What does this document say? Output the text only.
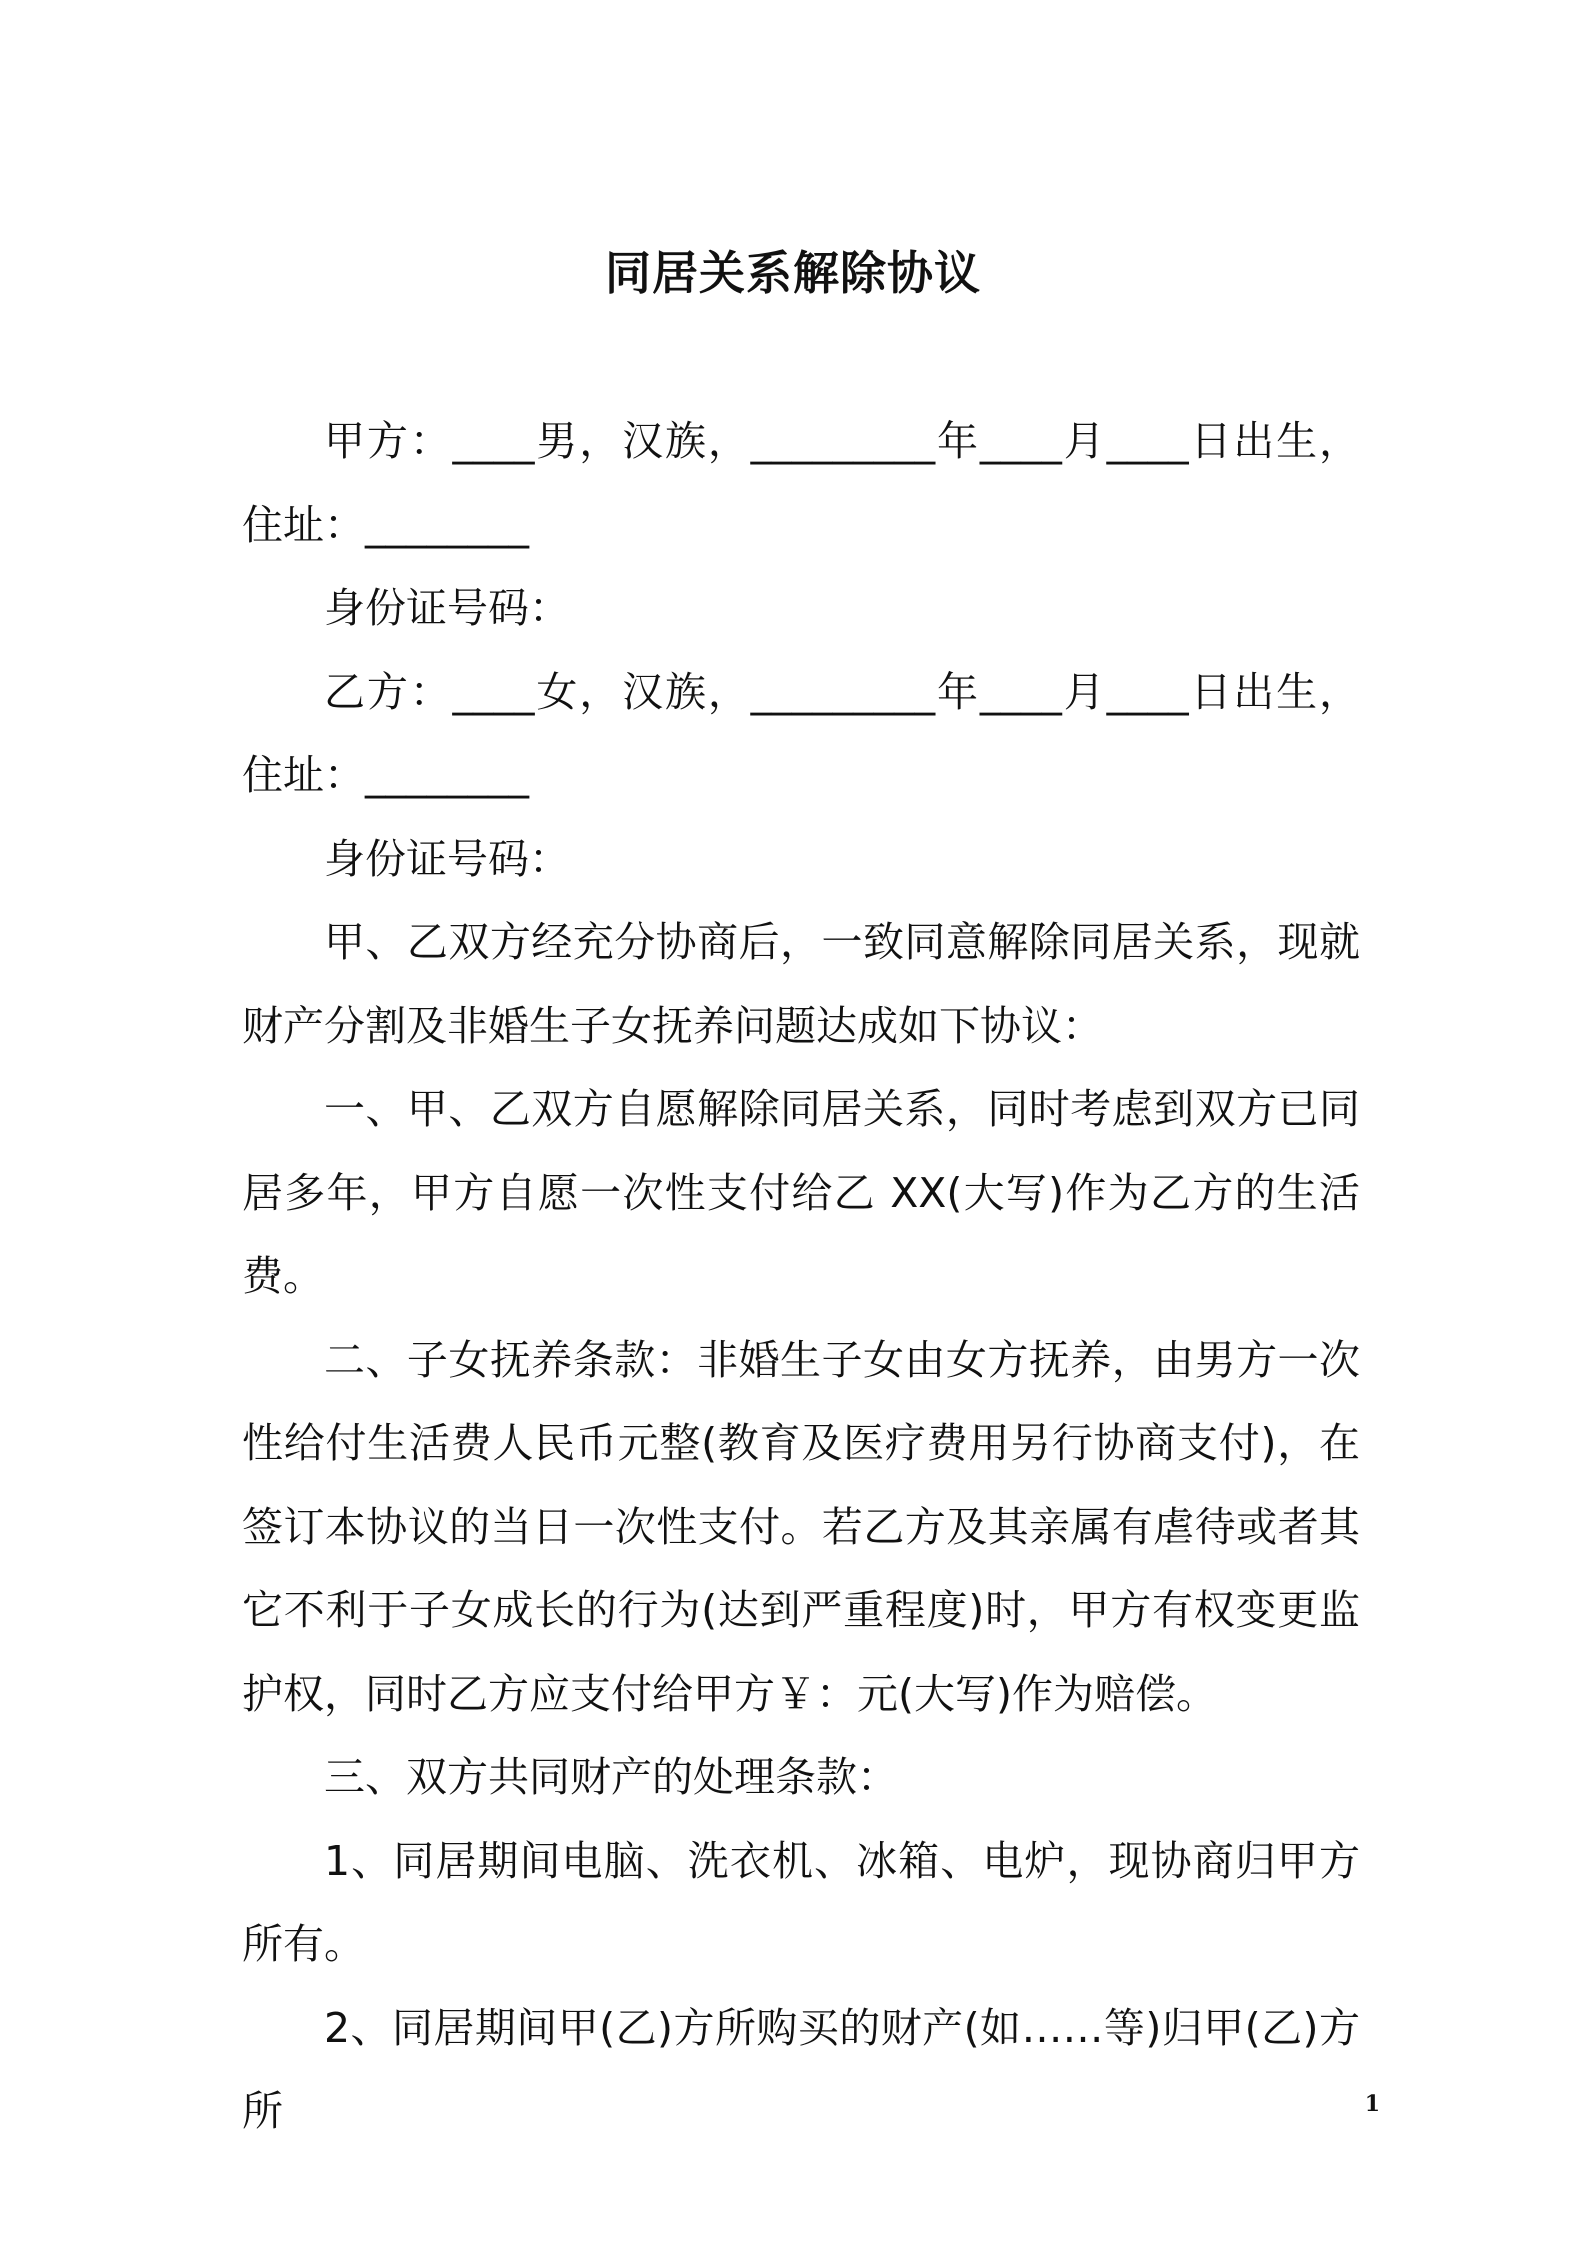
同居关系解除协议

甲方：____男，汉族，_________年____月____日出生，住址：________

身份证号码：

乙方：____女，汉族，_________年____月____日出生，住址：________

身份证号码：

甲、乙双方经充分协商后，一致同意解除同居关系，现就财产分割及非婚生子女抚养问题达成如下协议：

一、甲、乙双方自愿解除同居关系，同时考虑到双方已同居多年，甲方自愿一次性支付给乙 XX(大写)作为乙方的生活费。

二、子女抚养条款：非婚生子女由女方抚养，由男方一次性给付生活费人民币元整(教育及医疗费用另行协商支付)，在签订本协议的当日一次性支付。若乙方及其亲属有虐待或者其它不利于子女成长的行为(达到严重程度)时，甲方有权变更监护权，同时乙方应支付给甲方￥：元(大写)作为赔偿。

三、双方共同财产的处理条款：

1、同居期间电脑、洗衣机、冰箱、电炉，现协商归甲方所有。

2、同居期间甲(乙)方所购买的财产(如……等)归甲(乙)方所	1
